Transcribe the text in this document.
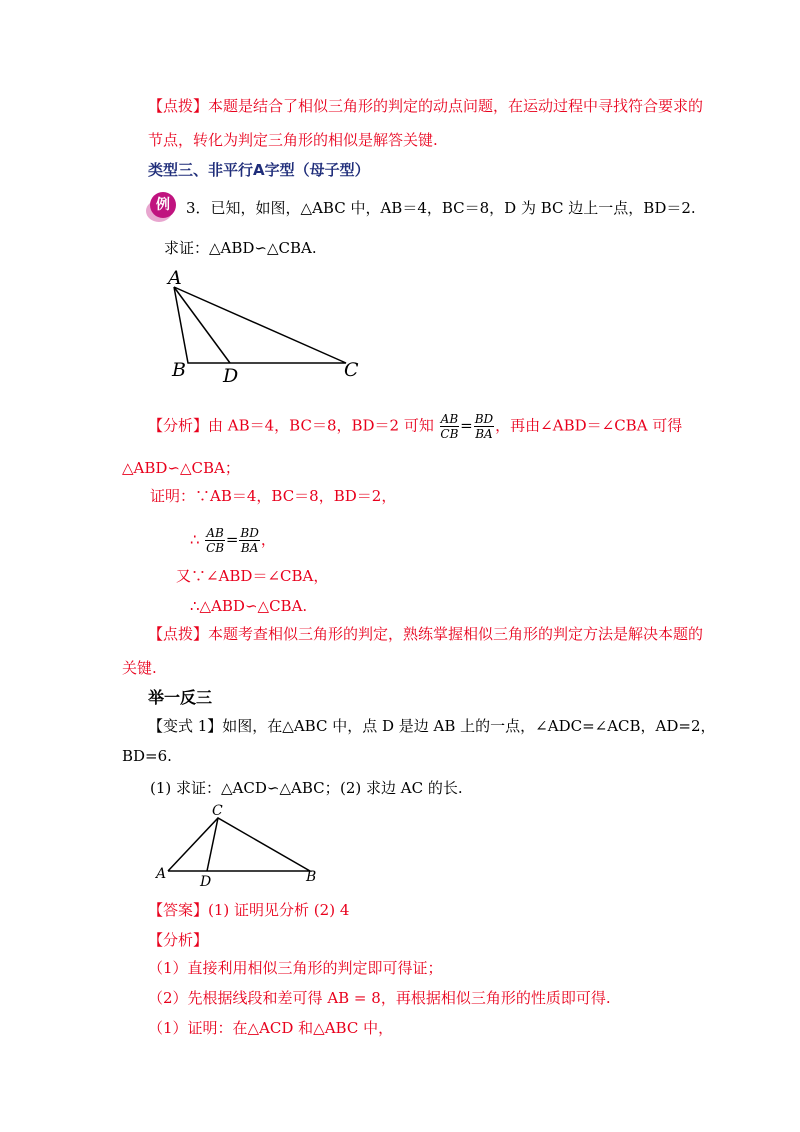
【点拨】本题是结合了相似三角形的判定的动点问题，在运动过程中寻找符合要求的
节点，转化为判定三角形的相似是解答关键.
类型三、非平行A字型（母子型）
例	3．已知，如图，△ABC 中，AB＝4，BC＝8，D 为 BC 边上一点，BD＝2.
求证：△ABD∽△CBA.
A
B D	C
【分析】由 AB＝4，BC＝8，BD＝2 可知 $\frac{AB}{CB} = \frac{BD}{BA}$ ，再由∠ABD＝∠CBA 可得
△ABD∽△CBA；
证明：∵AB＝4，BC＝8，BD＝2，
∴ $\frac{AB}{CB} = \frac{BD}{BA}$ ，
又∵∠ABD＝∠CBA，
∴△ABD∽△CBA.
【点拨】本题考查相似三角形的判定，熟练掌握相似三角形的判定方法是解决本题的
关键.
举一反三
【变式 1】如图，在△ABC 中，点 D 是边 AB 上的一点，∠ADC=∠ACB，AD=2，
BD=6.
(1) 求证：△ACD∽△ABC； (2) 求边 AC 的长.
C
A D	B
【答案】(1) 证明见分析 (2) 4
【分析】
（1）直接利用相似三角形的判定即可得证；
（2）先根据线段和差可得 AB = 8，再根据相似三角形的性质即可得.
（1）证明：在△ACD 和△ABC 中，
